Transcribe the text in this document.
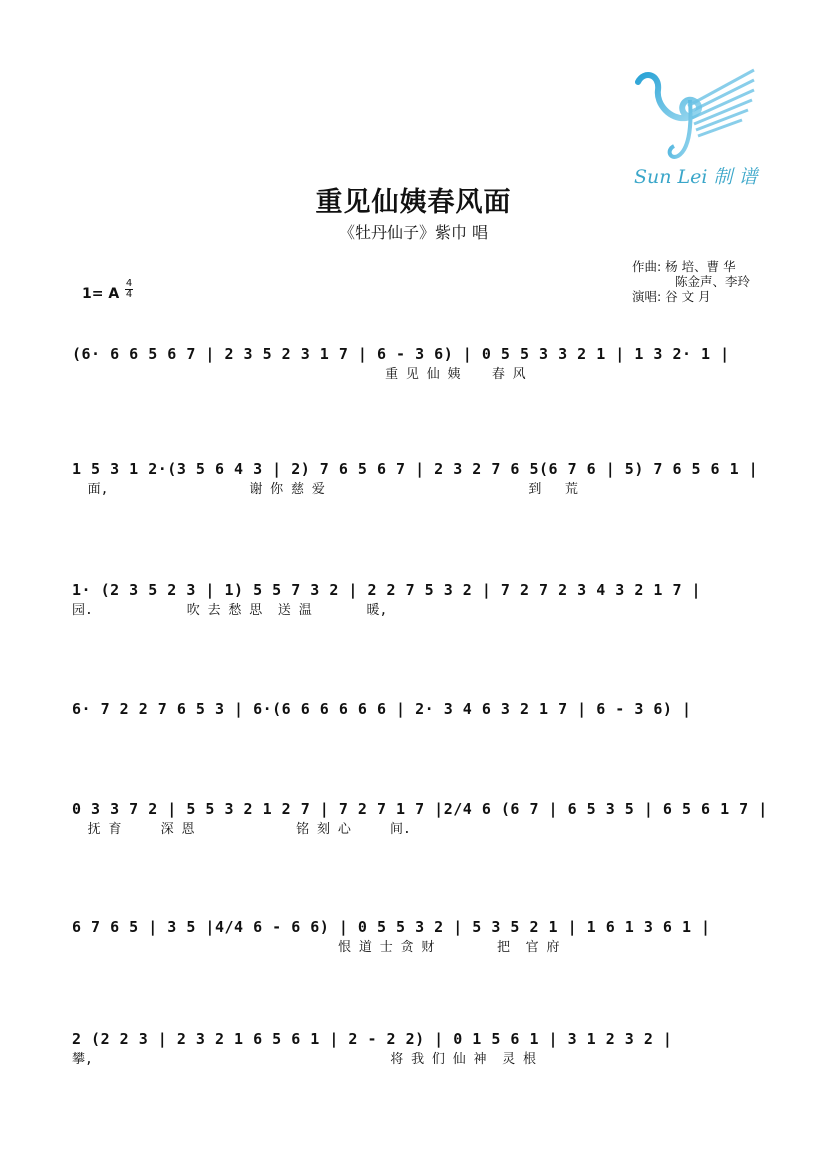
Sun Lei 制 谱
重见仙姨春风面
《牡丹仙子》紫巾 唱
作曲: 杨 培、曹 华
陈金声、李玲
演唱: 谷 文 月
1= A
4
4
(6· 6 6 5 6 7 | 2 3 5 2 3 1 7 | 6 - 3 6) | 0 5 5 3 3 2 1 | 1 3 2· 1 |
重 见 仙 姨    春 风
1 5 3 1 2·(3 5 6 4 3 | 2) 7 6 5 6 7 | 2 3 2 7 6 5(6 7 6 | 5) 7 6 5 6 1 |
面,                  谢 你 慈 爱                          到   荒
1· (2 3 5 2 3 | 1) 5 5 7 3 2 | 2 2 7 5 3 2 | 7 2 7 2 3 4 3 2 1 7 |
园.            吹 去 愁 思  送 温       暖,
6· 7 2 2 7 6 5 3 | 6·(6 6 6 6 6 6 | 2· 3 4 6 3 2 1 7 | 6 - 3 6) |
0 3 3 7 2 | 5 5 3 2 1 2 7 | 7 2 7 1 7 |2/4 6 (6 7 | 6 5 3 5 | 6 5 6 1 7 |
抚 育     深 恩             铭 刻 心     间.
6 7 6 5 | 3 5 |4/4 6 - 6 6) | 0 5 5 3 2 | 5 3 5 2 1 | 1 6 1 3 6 1 |
恨 道 士 贪 财        把  官 府
2 (2 2 3 | 2 3 2 1 6 5 6 1 | 2 - 2 2) | 0 1 5 6 1 | 3 1 2 3 2 |
攀,                                      将 我 们 仙 神  灵 根
